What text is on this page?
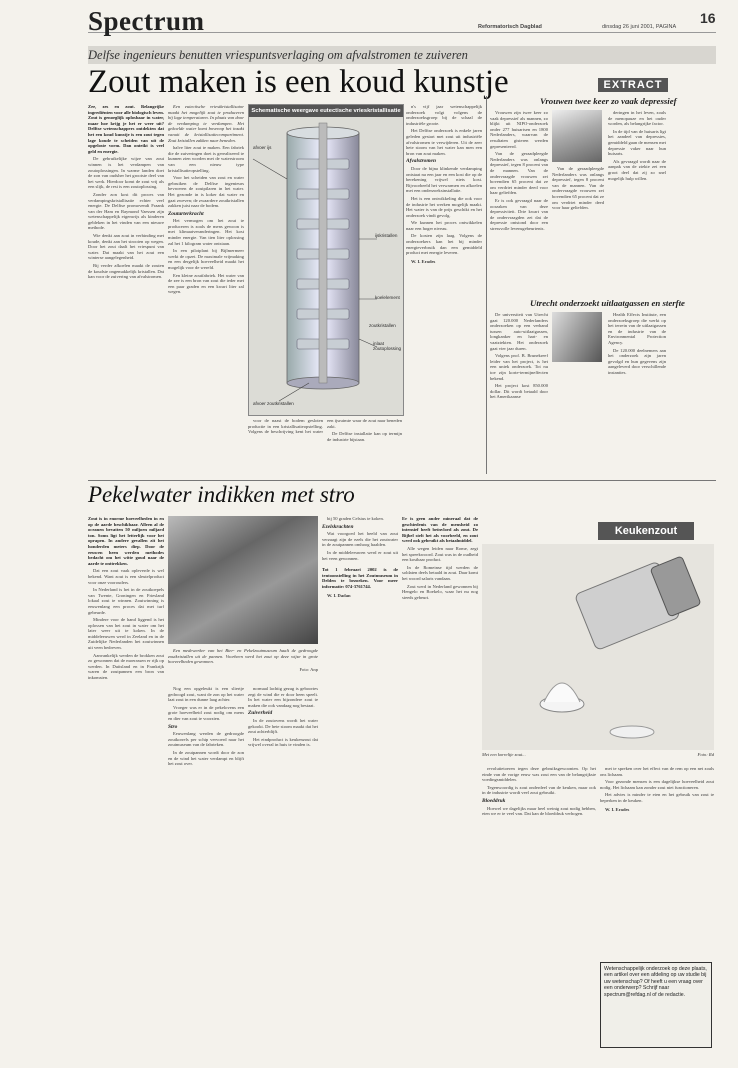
Spectrum	Reformatorisch Dagblad	dinsdag 26 juni 2001, PAGINA
16
Delfse ingenieurs benutten vriespuntsverlaging om afvalstromen te zuiveren
EXTRACT
Zout maken is een koud kunstje

Zee, zes en zout. Belangrijke ingrediënten voor alle biologisch leven. Zout is genoeglijk oplosbaar in water, maar hoe krijg je het er weer uit? Delftse wetenschappers ontdekten dat het een koud kunstje is een zout tegen lage koude te scheiden van uit de opgeloste vorm. Dan onteikt is veel geld en energie.

De gebruikelijke wijze van zout winnen is het verdampen van zoutoplossingen. In warme landen doet de zon van oudsher het grootste deel van het werk. Hierdoor komt de zout vrij als een slijk, de rest is een zoutoplossing.

Zonder zon kost dit proces van verdampingskristallisatie echter veel energie. De Delftse promovendi Fraank van der Ham en Raymond Vaessen zijn wetenschappelijk eigenwijs als kinderen gebleken in het vinden van een nieuwe methode.

Wie denkt aan zout in verbinding met koude, denkt aan het strooien op wegen. Door het zout daalt het vriespunt van water. Dat maakt van het zout een winterse aangelegenheid.

Bij verder afkoelen maakt de zouten de koudste ongemakkelijk kristallen. Dat kan voor de zuivering van afvalstromen.

Een eutectische vriestkristallisator maakt het mogelijk zout te produceren bij lage temperaturen. In plaats van door de verdamping te verdampen. Het gekoelde water komt bovenop het inzakt vanuit de kristallisatiecompartiment. Zout kristallen zakken naar beneden.

halve liter zout te maken. Een fabriek die de zuiveringen doet is gerealiseerd te kunnen zien worden met de waterstroom van een nieuw type kristallisatieopstelling.

Voor het scheiden van zout en water gebruiken de Delftse ingenieurs bevroeren de zoutpilaren in het water. Het gezonde in is koker dat water en gaat zweven; de zwaardere zoutkristallen zakken juist naar de bodem.

Zoutarterkracht

Het vermogen om het zout te produceren is zoals de mens gewoon is met klimaatveranderingen. Het kost minder energie. Van tien liter oplossing zal het 1 kilogram water ontstaan.

In een pilotplant bij Bijlmermeer werkt de opzet. De maximale vrijmaking en een dergelijk hoeveelheid maakt het mogelijk voor de wereld.

Een kleine zoutfabriek. Het water van de zee is een bron van zout die ieder met een paar graden en een kwart liter zal wegen.

Schematische weergave eutectische vrieskristallisatie
ijskristallen
koelelement
zoutkristallen
inlaat zoutoplossing
afvoer ijs
afvoer zoutkristallen

voor de naast de bodem gesloten productie in een kristallisatieopstelling. Volgens de beschrijving kent het water een ijsruimte waar de zout naar beneden zakt.

De Delftse installatie kan op termijn de industrie bijstaan.

n's vijf jaar wetenschappelijk onderzoek volgt volgens de onderzoeksgroep bij de schaal de industriële groote.

Het Delftse onderzoek is enkele jaren geleden gestart met zout uit industriële afvalstromen te verwijderen. Uit de zeer hete stoom van het water kan men een bron van zout maken.

Afvalstromen

Door de bijna klinkende verdamping ontstaat na een jaar en een kost die op de berekening vrijwel niets kost. Bijvoorbeeld het verwarmen en afkoelen met een onderzoeksinstallatie.

Het is een ontwikkeling die ook voor de industrie het werken mogelijk maakt. Het water is van de prijs geschikt en het onderzoek vindt gevolg.

We kunnen het proces ontwikkelen naar een hoger niveau.

De kosten zijn laag. Volgens de onderzoekers kan het bij minder energieverbruik dan een gemiddeld product met energie leveren.

W. I. Erades

Vrouwen twee keer zo vaak depressief

Vrouwen zijn twee keer zo vaak depressief als mannen, zo blijkt uit NIPO-onderzoek onder 277 huisartsen en 1800 Nederlanders, waarvan de resultaten gisteren werden gepresenteerd.

Van de geraadpleegde Nederlanders was onlangs depressief, tegen 8 procent van de mannen. Van de ondervraagde vrouwen zei bovendien 65 procent dat ze om verdriet minder deed voor haar geliefden.

Er is ook gevraagd naar de oorzaken van deze depressiviteit. Drie kwart van de ondervraagden zei dat de depressie ontstond door een stressvolle levensgebeurtenis.

Van de geraadpleegde Nederlanders was onlangs depressief, tegen 8 procent van de mannen. Van de ondervraagde vrouwen zei bovendien 65 procent dat ze om verdriet minder deed voor haar geliefden.

deringen in het leven, zoals de menopauze en het ouder worden, als belangrijke factor.

In de tijd van de huisarts ligt het aandeel van depressies, gemiddeld gaan de mensen met depressie vaker naar hun huisarts.

Als gevraagd wordt naar de aanpak van de ziekte zei een groot deel dat zij zo snel mogelijk hulp willen.

Utrecht onderzoekt uitlaatgassen en sterfte

De universiteit van Utrecht gaat 120.000 Nederlanders onderzoeken op een verband tussen auto-uitlaatgassen, longkanker en hart- en vaatziekten. Het onderzoek gaat vier jaar duren.

Volgens prof. B. Brunekreef leider van het project, is het een uniek onderzoek. Tot nu toe zijn korte-termijneffecten bekend.

Het project kost 850.000 dollar. Dit wordt betaald door het Amerikaanse

Health Effects Institute, een onderzoeksgroep die werkt op het terrein van de uitlaatgassen en de industrie van de Environmental Protection Agency.

De 120.000 deelnemers aan het onderzoek zijn jaren gevolgd en hun gegevens zijn aangeleverd door verschillende instanties.

Pekelwater indikken met stro
Keukenzout

Zout is in enorme hoeveelheden in en op de aarde beschikbaar. Alleen al de oceanen bevatten 50 miljoen miljard ton. Soms ligt het letterlijk voor het oprapen. In andere gevallen zit het honderden meters diep. Door de eeuwen heen werden methodes bedacht om het witte goud naar de aarde te onttrekken.

Dat een zout vaak opleverde is wel bekend. Want zout is een sleutelproduct voor onze voorouders.

In Nederland is het in de zoutkoepels van Twente, Groningen en Friesland lokaal zout te winnen. Zoutwinning is eeuwenlang een proces dat met turf gebeurde.

Mindere voor de hand liggend is het oplossen van het zout in water om het later weer uit te koken. In de middeleeuwen werd in Zeeland en in de Zuidelijke Nederlanden het zoutwinnen uit veen bedreven.

Aanvankelijk werden de brokken zout zo gewonnen dat de moerassen er rijk op werden. In Duitsland en in Frankrijk waren de zoutpannen een bron van inkomsten.

Een medewerker van het Bier- en Pekelzoutmuseum haalt de gedroogde zoutkristallen uit de pannen. Voorheen werd het zout op deze wijze in grote hoeveelheden gewonnen.

Foto: Anp

Nog een opgeleukt is een sliertje gedroogd zout, want de zon op het water laat zout in een dunne laag achter.

Vroeger was er in de pekelovens een grote hoeveelheid zout nodig om mens en dier van zout te voorzien.

Stro

Eeuwenlang werden de gedroogde zoutkorrels per schip vervoerd naar het zoutmuseum van de fabrieken.

In de zoutpannen wordt door de zon en de wind het water verdampt en blijft het zout over.

normaal lachtig gezag is geboortes zegt de wind die er door heen speelt. In het water een bijzondere zout te maken die ook vandaag nog bestaat.

Zuiverheid

In de zoutovens wordt het water gekookt. De hete stoom maakt dat het zout achterblijft.

Het eindproduct is keukenzout dat vrijwel overal in huis te vinden is.

bij 50 graden Celsius te koken.

Ezelskrachten

Wat voorgoed het beeld van zout verzaagt zijn de ezels die het zoutwater in de zoutpannen omhoog haalden.

In de middeleeuwen werd er zout uit het veen gewonnen.

Tot 1 februari 2002 is de tentoonstelling in het Zoutmuseum in Delden te bezoeken. Voor meer informatie: 074-3761744.

W. I. Dadan

Er is geen ander mineraal dat de geschiedenis van de mensheid zo intensief heeft beïnvloed als zout. De Bijbel stelt het als voorbeeld, en zout werd ook gebruikt als betaalmiddel.

Alle wegen leiden naar Rome, zegt het spreekwoord. Zout was in de oudheid een kostbaar product.

In de Romeinse tijd werden de soldaten deels betaald in zout. Daar komt het woord salaris vandaan.

Zout werd in Nederland gewonnen bij Hengelo en Boekelo, waar het nu nog steeds gebeurt.

Met een korreltje zout...	Foto: Rd

revolutietoeren tegen deze gebruiksgewoonten. Op het einde van de vorige eeuw was zout een van de belangrijkste voedingsmiddelen.

Tegenwoordig is zout onderdeel van de keuken, maar ook in de industrie wordt veel zout gebruikt.

Bloeddruk

Hoewel we dagelijks maar heel weinig zout nodig hebben, eten we er te veel van. Dat kan de bloeddruk verhogen.

met te spreken over het effect van de rem op een net zoals ons lichaam.

Voor gezonde mensen is een dagelijkse hoeveelheid zout nodig. Het lichaam kan zonder zout niet functioneren.

Het advies is minder te eten en het gebruik van zout te beperken in de keuken.

W. I. Erades

Wetenschappelijk onderzoek op deze plaats, een artikel over een afdeling op uw studie bij uw wetenschap? Of heeft u een vraag over een onderwerp? Schrijf naar spectrum@refdag.nl of de redactie.
